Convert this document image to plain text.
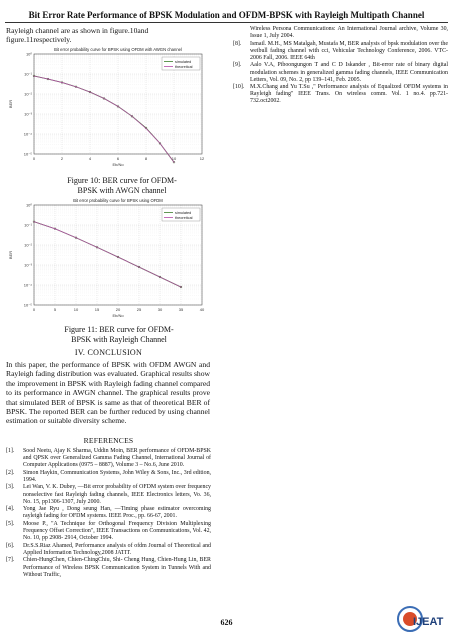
Bit Error Rate Performance of BPSK Modulation and OFDM-BPSK with Rayleigh Multipath Channel

Rayleigh channel are as shown in figure.10and figure.11respectively.

Bit error probability curve for BPSK using OFDM with AWGN channel
0	2	4	6	8	10	12
10⁰
10⁻¹
10⁻²
10⁻³
10⁻⁴
10⁻⁵
Eb/No
BER
simulated
theoretical
Figure 10: BER curve for OFDM-BPSK with AWGN channel
Bit error probability curve for BPSK using OFDM
0	5	10	15	20	25	30	35	40
10⁰
10⁻¹
10⁻²
10⁻³
10⁻⁴
10⁻⁵
Eb/No
BER
simulated
theoretical
Figure 11: BER curve for OFDM-BPSK with Rayleigh Channel
IV. CONCLUSION
In this paper, the performance of BPSK with OFDM AWGN and Rayleigh fading distribution was evaluated. Graphical results show the improvement in BPSK with Rayleigh fading channel compared to its performance in AWGN channel. The graphical results prove that simulated BER of BPSK is same as that of theoretical BER of BPSK. The reported BER can be further reduced by using channel estimation or suitable diversity scheme.
REFERENCES
[1].	Sood Neetu, Ajay K Sharma, Uddin Moin, BER performance of OFDM-BPSK and QPSK over Generalized Gamma Fading Channel, International Journal of Computer Applications (0975 – 8887), Volume 3 – No.6, June 2010.
[2].	Simon Haykin, Communication Systems, John Wiley & Sons, Inc., 3rd edition, 1994.
[3].	Lei Wan, V. K. Dubey, ―Bit error probability of OFDM system over frequency nonselective fast Rayleigh fading channels, IEEE Electronics letters, Vo. 36, No. 15, pp1306-1307, July 2000.
[4].	Yong Jae Ryu , Dong seung Han, ―Timing phase estimator overcoming rayleigh fading for OFDM systems. IEEE Proc., pp. 66-67, 2001.
[5].	Moose P., "A Technique for Orthogonal Frequency Division Multiplexing Frequency Offset Correction", IEEE Transactions on Communications, Vol. 42, No. 10, pp 2908- 2914, October 1994.
[6].	Dr.S.S.Riaz Ahamed, Performance analysis of ofdm Journal of Theoretical and Applied Information Technology,2008 JATIT.
[7].	Chien-HungChen, Chien-ChingChiu, Shi- Cheng Hung, Chien-Hung Lin, BER Performance of Wireless BPSK Communication System in Tunnels With and Without Traffic,
Wireless Persona Communications: An International Journal archive, Volume 30, Issue 1, July 2004.
[8].	Ismail. M.H., MS Matalgah, Mustafa M, BER analysis of bpsk modulation over the weibull fading channel with cci, Vehicular Technology Conference, 2006. VTC- 2006 Fall, 2006. IEEE 64th
[9].	Aalo V.A, Piboongungon T and C D Iskander , Bit-error rate of binary digital modulation schemes in generalized gamma fading channels, IEEE Communication Letters, Vol. 09, No. 2, pp 139–141, Feb. 2005.
[10]. M.X.Chang and Yu T.Su ," Performance analysis of Equalized OFDM systems in Rayleigh fading" IEEE Trans. On wireless comm. Vol. 1 no.4. pp.721- 732.oct2002.
626	IJEAT
